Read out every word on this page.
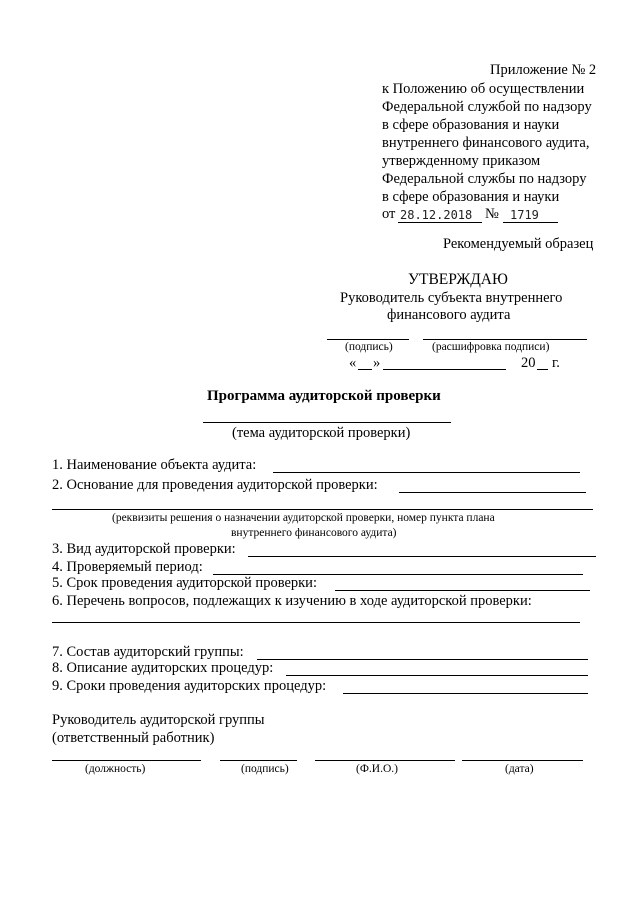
Приложение № 2
к Положению об осуществлении
Федеральной службой по надзору
в сфере образования и науки
внутреннего финансового аудита,
утвержденному приказом
Федеральной службы по надзору
в сфере образования и науки
от 28.12.2018 № 1719
Рекомендуемый образец
УТВЕРЖДАЮ
Руководитель субъекта внутреннего
финансового аудита
(подпись)	(расшифровка подписи)
« »	20 г.
Программа аудиторской проверки
(тема аудиторской проверки)
1. Наименование объекта аудита:
2. Основание для проведения аудиторской проверки:
(реквизиты решения о назначении аудиторской проверки, номер пункта плана
внутреннего финансового аудита)
3. Вид аудиторской проверки:
4. Проверяемый период:
5. Срок проведения аудиторской проверки:
6. Перечень вопросов, подлежащих к изучению в ходе аудиторской проверки:
7. Состав аудиторский группы:
8. Описание аудиторских процедур:
9. Сроки проведения аудиторских процедур:
Руководитель аудиторской группы
(ответственный работник)
(должность)	(подпись)	(Ф.И.О.)	(дата)
